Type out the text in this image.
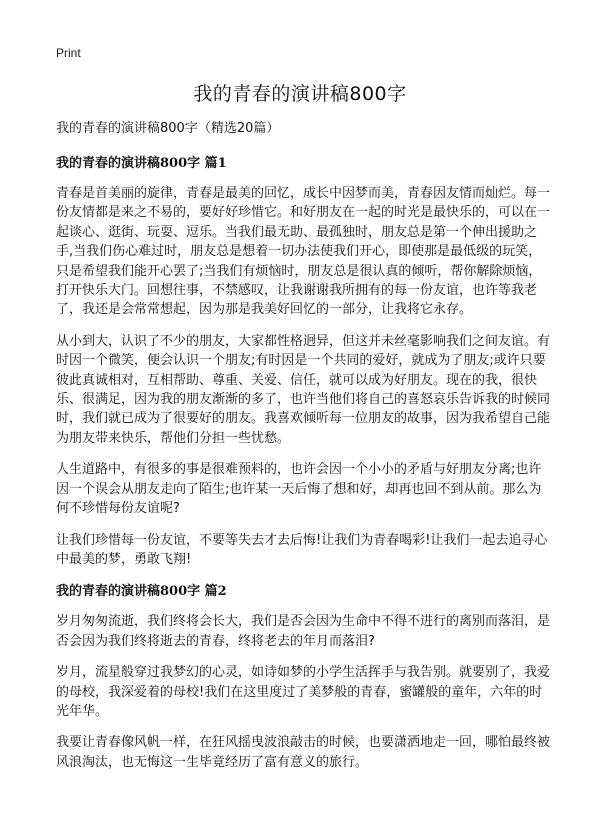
Print
我的青春的演讲稿800字

我的青春的演讲稿800字（精选20篇）

我的青春的演讲稿800字 篇1

青春是首美丽的旋律，青春是最美的回忆，成长中因梦而美，青春因友情而灿烂。每一份友情都是来之不易的，要好好珍惜它。和好朋友在一起的时光是最快乐的，可以在一起谈心、逛街、玩耍、逗乐。当我们最无助、最孤独时，朋友总是第一个伸出援助之手,当我们伤心难过时，朋友总是想着一切办法使我们开心，即使那是最低级的玩笑，只是希望我们能开心罢了;当我们有烦恼时，朋友总是很认真的倾听，帮你解除烦恼，打开快乐大门。回想往事，不禁感叹，让我谢谢我所拥有的每一份友谊，也许等我老了，我还是会常常想起，因为那是我美好回忆的一部分，让我将它永存。

从小到大，认识了不少的朋友，大家都性格迥异，但这并未丝毫影响我们之间友谊。有时因一个微笑，便会认识一个朋友;有时因是一个共同的爱好，就成为了朋友;或许只要彼此真诚相对，互相帮助、尊重、关爱、信任，就可以成为好朋友。现在的我，很快乐、很满足，因为我的朋友渐渐的多了，也许当他们将自己的喜怒哀乐告诉我的时候同时，我们就已成为了很要好的朋友。我喜欢倾听每一位朋友的故事，因为我希望自己能为朋友带来快乐，帮他们分担一些忧愁。

人生道路中，有很多的事是很难预料的，也许会因一个小小的矛盾与好朋友分离;也许因一个误会从朋友走向了陌生;也许某一天后悔了想和好，却再也回不到从前。那么为何不珍惜每份友谊呢?

让我们珍惜每一份友谊，不要等失去才去后悔!让我们为青春喝彩!让我们一起去追寻心中最美的梦，勇敢飞翔!

我的青春的演讲稿800字 篇2

岁月匆匆流逝，我们终将会长大，我们是否会因为生命中不得不进行的离别而落泪，是否会因为我们终将逝去的青春，终将老去的年月而落泪?

岁月，流星般穿过我梦幻的心灵，如诗如梦的小学生活挥手与我告别。就要别了，我爱的母校，我深爱着的母校!我们在这里度过了美梦般的青春，蜜罐般的童年，六年的时光年华。

我要让青春像风帆一样，在狂风摇曳波浪敲击的时候，也要潇洒地走一回，哪怕最终被风浪淘汰，也无悔这一生毕竟经历了富有意义的旅行。
